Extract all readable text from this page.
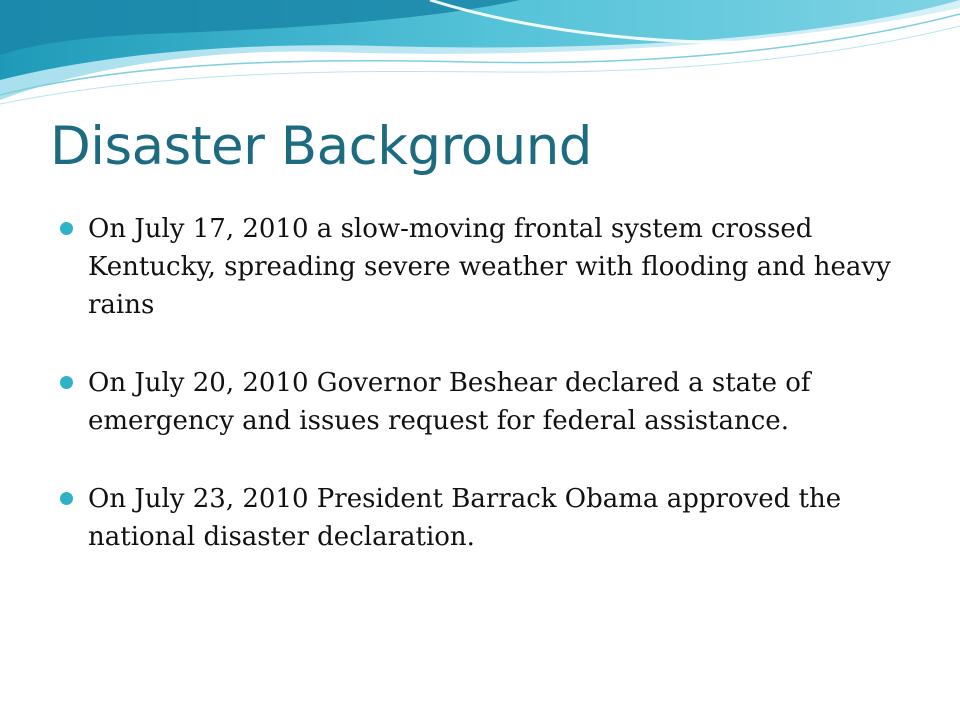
Disaster Background
On July 17, 2010 a slow-moving frontal system crossed Kentucky, spreading severe weather with flooding and heavy rains
On July 20, 2010 Governor Beshear declared a state of emergency and issues request for federal assistance.
On July 23, 2010 President Barrack Obama approved the national disaster declaration.
